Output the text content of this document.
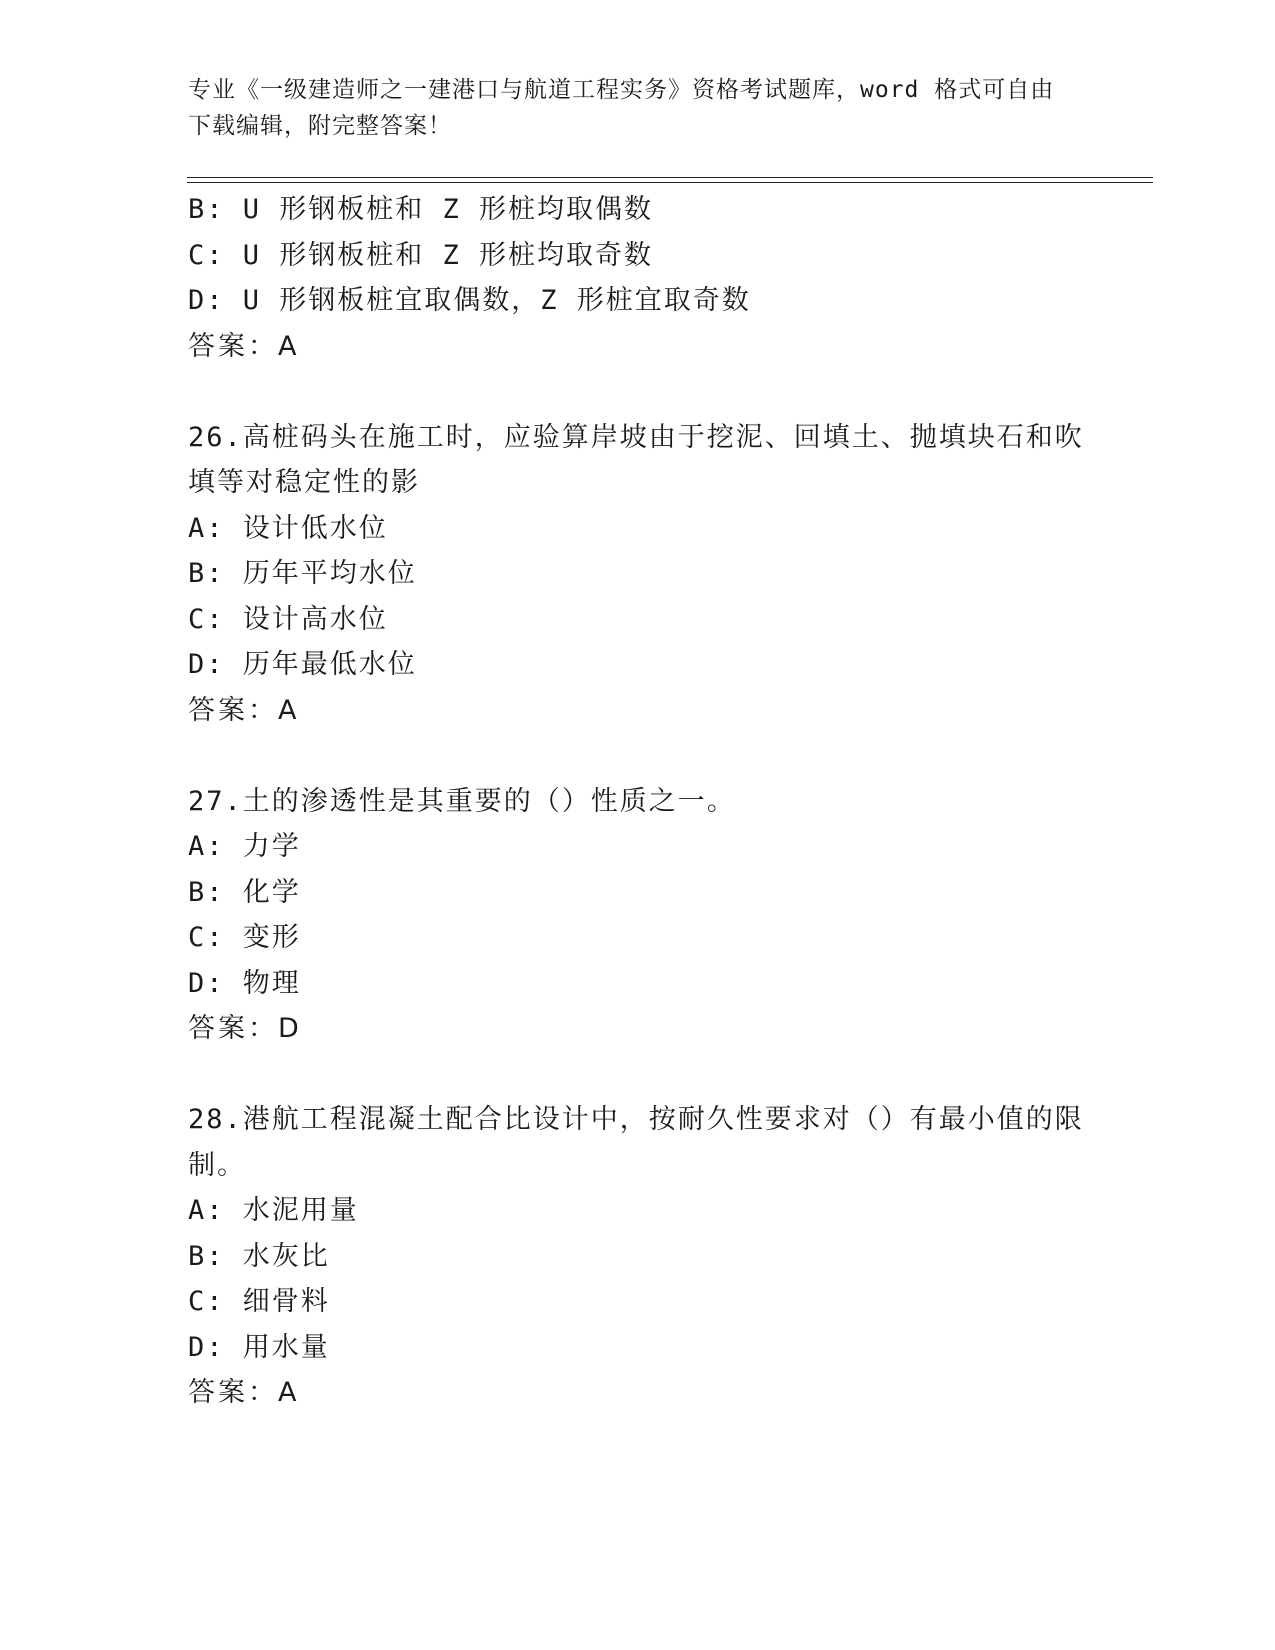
专业《一级建造师之一建港口与航道工程实务》资格考试题库，word 格式可自由
下载编辑，附完整答案！
B: U 形钢板桩和 Z 形桩均取偶数
C: U 形钢板桩和 Z 形桩均取奇数
D: U 形钢板桩宜取偶数，Z 形桩宜取奇数
答案：A
26.高桩码头在施工时，应验算岸坡由于挖泥、回填土、抛填块石和吹
填等对稳定性的影
A: 设计低水位
B: 历年平均水位
C: 设计高水位
D: 历年最低水位
答案：A
27.土的渗透性是其重要的（）性质之一。
A: 力学
B: 化学
C: 变形
D: 物理
答案：D
28.港航工程混凝土配合比设计中，按耐久性要求对（）有最小值的限
制。
A: 水泥用量
B: 水灰比
C: 细骨料
D: 用水量
答案：A
